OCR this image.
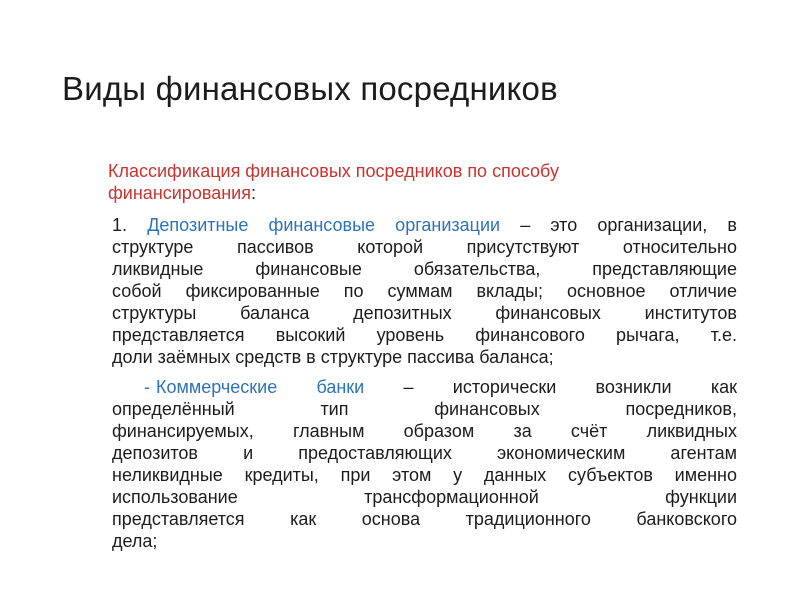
Виды финансовых посредников

Классификация финансовых посредников по способу финансирования:

1. Депозитные финансовые организации – это организации, в
структуре пассивов которой присутствуют относительно
ликвидные финансовые обязательства, представляющие
собой фиксированные по суммам вклады; основное отличие
структуры баланса депозитных финансовых институтов
представляется высокий уровень финансового рычага, т.е.
доли заёмных средств в структуре пассива баланса;
- Коммерческие банки – исторически возникли как
определённый тип финансовых посредников,
финансируемых, главным образом за счёт ликвидных
депозитов и предоставляющих экономическим агентам
неликвидные кредиты, при этом у данных субъектов именно
использование трансформационной функции
представляется как основа традиционного банковского
дела;
